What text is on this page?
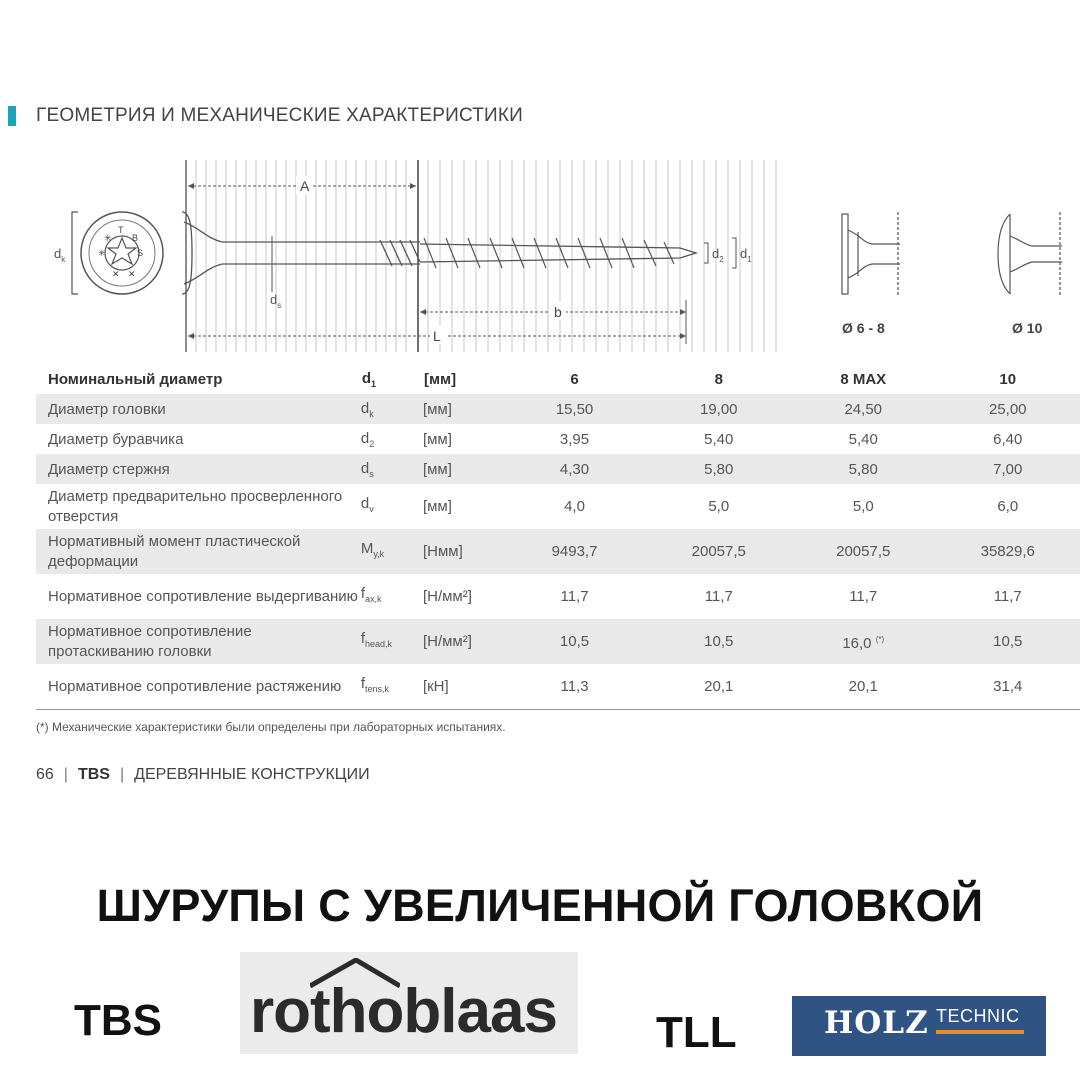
ГЕОМЕТРИЯ И МЕХАНИЧЕСКИЕ ХАРАКТЕРИСТИКИ
A
b
L
$d_k$
T
B
S
✳
✳
✕ ✕
$d_s$
$d_2$ $d_1$
Ø 6 - 8	Ø 10
Номинальный диаметр	$d_1$	[мм]	6	8	8 MAX	10
Диаметр головки	$d_k$	[мм]	15,50	19,00	24,50	25,00
Диаметр буравчика	$d_2$	[мм]	3,95	5,40	5,40	6,40
Диаметр стержня	$d_s$	[мм]	4,30	5,80	5,80	7,00
Диаметр предварительно просверленного отверстия	$d_v$	[мм]	4,0	5,0	5,0	6,0
Нормативный момент пластической деформации	$M_{y,k}$	[Нмм]	9493,7	20057,5	20057,5	35829,6
Нормативное сопротивление выдергиванию	$f_{ax,k}$	[Н/мм²]	11,7	11,7	11,7	11,7
Нормативное сопротивление протаскиванию головки	$f_{head,k}$	[Н/мм²]	10,5	10,5	16,0 (*)	10,5
Нормативное сопротивление растяжению	$f_{tens,k}$	[кН]	11,3	20,1	20,1	31,4
(*) Механические характеристики были определены при лабораторных испытаниях.
66 | TBS | ДЕРЕВЯННЫЕ КОНСТРУКЦИИ
ШУРУПЫ С УВЕЛИЧЕННОЙ ГОЛОВКОЙ
TBS	TLL
rothoblaas	HOLZ TECHNIC
